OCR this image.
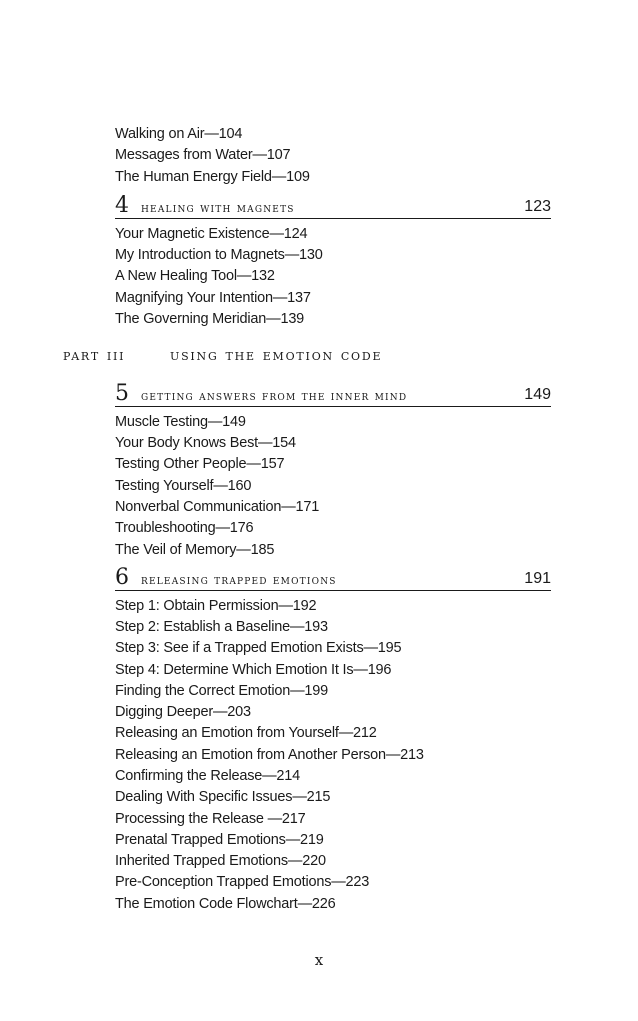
Walking on Air—104
Messages from Water—107
The Human Energy Field—109
4 healing with magnets	123
Your Magnetic Existence—124
My Introduction to Magnets—130
A New Healing Tool—132
Magnifying Your Intention—137
The Governing Meridian—139
part iii	using the emotion code
5 getting answers from the inner mind	149
Muscle Testing—149
Your Body Knows Best—154
Testing Other People—157
Testing Yourself—160
Nonverbal Communication—171
Troubleshooting—176
The Veil of Memory—185
6 releasing trapped emotions	191
Step 1: Obtain Permission—192
Step 2: Establish a Baseline—193
Step 3: See if a Trapped Emotion Exists—195
Step 4: Determine Which Emotion It Is—196
Finding the Correct Emotion—199
Digging Deeper—203
Releasing an Emotion from Yourself—212
Releasing an Emotion from Another Person—213
Confirming the Release—214
Dealing With Specific Issues—215
Processing the Release —217
Prenatal Trapped Emotions—219
Inherited Trapped Emotions—220
Pre-Conception Trapped Emotions—223
The Emotion Code Flowchart—226
x
